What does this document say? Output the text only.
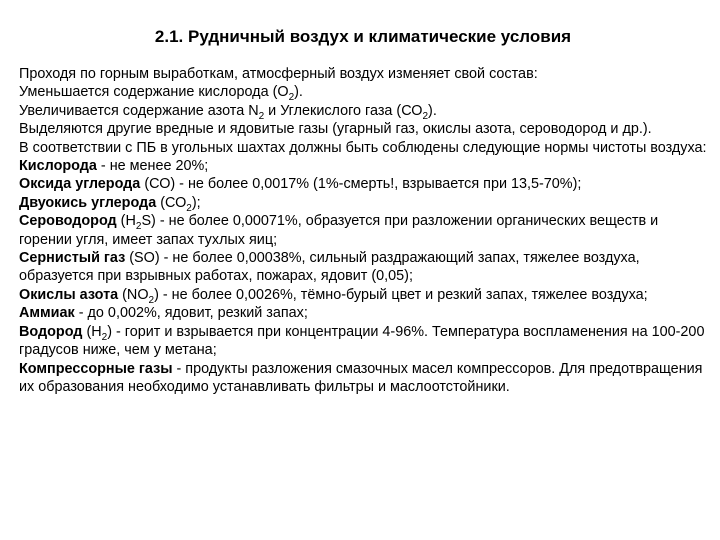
2.1. Рудничный воздух и климатические условия

Проходя по горным выработкам, атмосферный воздух изменяет свой состав:

Уменьшается содержание кислорода $(О_2)$.

Увеличивается содержание азота $N_2$ и Углекислого газа $(СО_2)$.

Выделяются другие вредные и ядовитые газы (угарный газ, окислы азота, сероводород и др.).

В соответствии с ПБ в угольных шахтах должны быть соблюдены следующие нормы чистоты воздуха:

Кислорода - не менее 20%;

Оксида углерода (СО) - не более 0,0017% (1%-смерть!, взрывается при 13,5-70%);

Двуокись углерода $(СО_2)$;

Сероводород $(Н_2S)$ - не более 0,00071%, образуется при разложении органических веществ и горении угля, имеет запах тухлых яиц;

Сернистый газ (SO) - не более 0,00038%, сильный раздражающий запах, тяжелее воздуха, образуется при взрывных работах, пожарах, ядовит (0,05);

Окислы азота $(NO_2)$ - не более 0,0026%, тёмно-бурый цвет и резкий запах, тяжелее воздуха;

Аммиак - до 0,002%, ядовит, резкий запах;

Водород $(Н_2)$ - горит и взрывается при концентрации 4-96%. Температура воспламенения на 100-200 градусов ниже, чем у метана;

Компрессорные газы - продукты разложения смазочных масел компрессоров. Для предотвращения их образования необходимо устанавливать фильтры и маслоотстойники.
